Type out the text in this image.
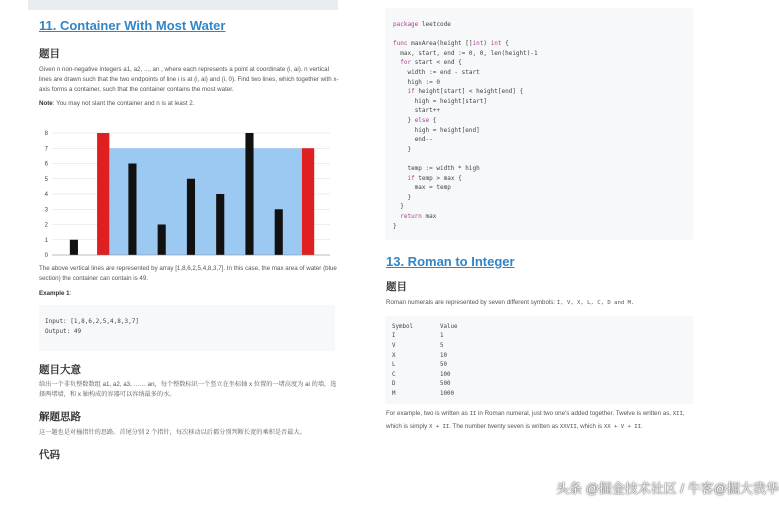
11. Container With Most Water
题目
Given n non-negative integers a1, a2, ..., an , where each represents a point at coordinate (i, ai). n vertical lines are drawn such that the two endpoints of line i is at (i, ai) and (i, 0). Find two lines, which together with x-axis forms a container, such that the container contains the most water.
Note: You may not slant the container and n is at least 2.
0
1
2
3
4
5
6
7
8
The above vertical lines are represented by array [1,8,6,2,5,4,8,3,7]. In this case, the max area of water (blue section) the container can contain is 49.
Example 1:
Input: [1,8,6,2,5,4,8,3,7]
Output: 49
题目大意
给出一个非负整数数组 a1, a2, a3, …… an，每个整数标识一个竖立在坐标轴 x 位置的一堵高度为 ai 的墙，选择两堵墙，和 x 轴构成的容器可以容纳最多的水。
解题思路
这一题也是对撞指针的思路。首尾分别 2 个指针，每次移动以后都分别判断长宽的乘积是否最大。
代码
package leetcode
func maxArea(height []int) int {
max, start, end := 0, 0, len(height)-1
for start < end {
width := end - start
high := 0
if height[start] < height[end] {
high = height[start]
start++
} else {
high = height[end]
end--
}
temp := width * high
if temp > max {
max = temp
}
}
return max
}
13. Roman to Integer
题目
Roman numerals are represented by seven different symbols: I, V, X, L, C, D and M.
Symbol	Value
I	1
V	5
X	10
L	50
C	100
D	500
M	1000
For example, two is written as II in Roman numeral, just two one's added together. Twelve is written as, XII, which is simply X + II. The number twenty seven is written as XXVII, which is XX + V + II.
头条 @掘金技术社区 / 牛客@掘大我华
